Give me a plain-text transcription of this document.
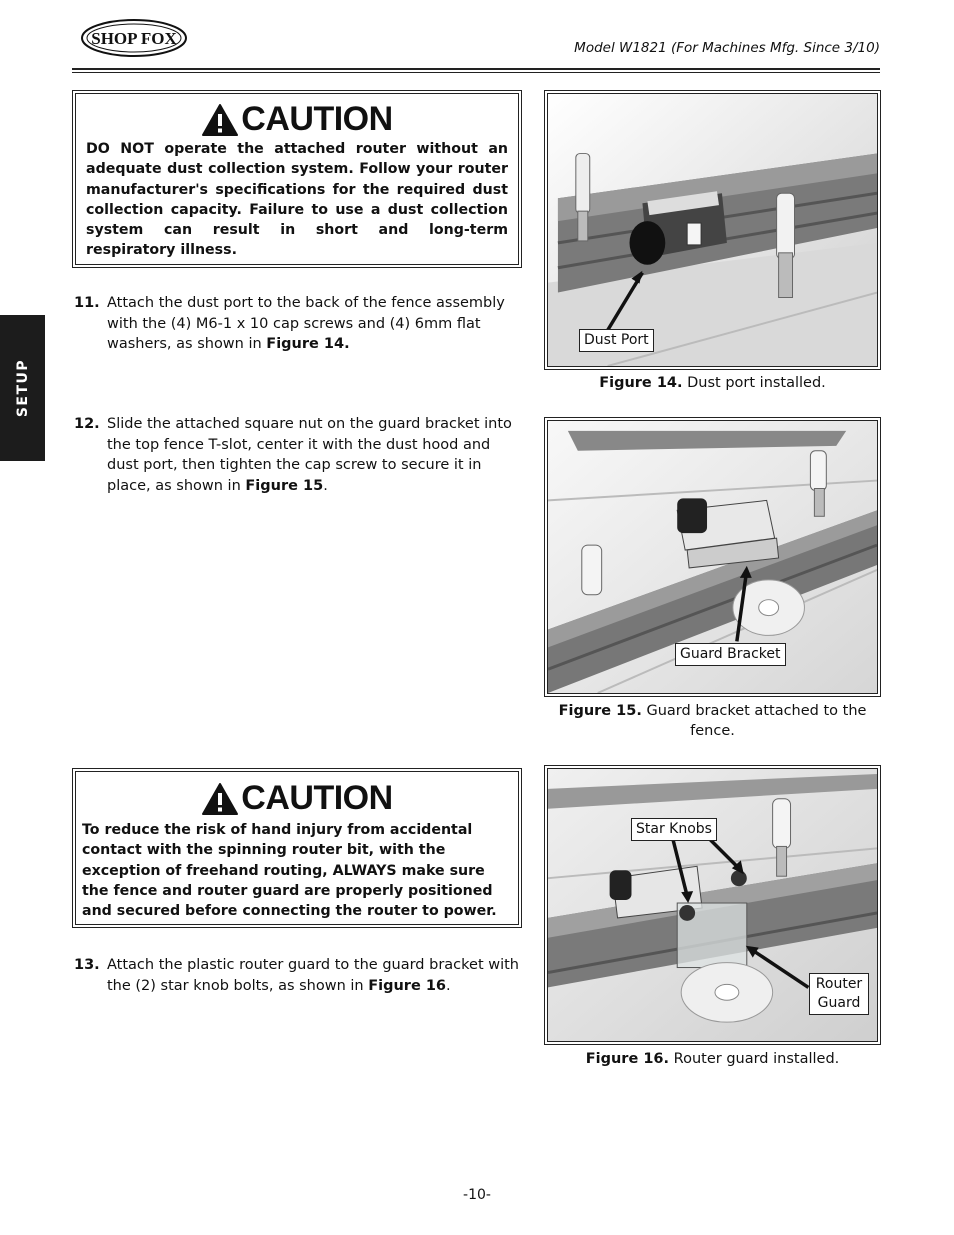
SHOP FOX	Model W1821 (For Machines Mfg. Since 3/10)
SETUP
CAUTION
DO NOT operate the attached router without an adequate dust collection system. Follow your router manufacturer's specifications for the required dust collection capacity. Failure to use a dust collection system can result in short and long-term respiratory illness.
11. Attach the dust port to the back of the fence assembly with the (4) M6-1 x 10 cap screws and (4) 6mm flat washers, as shown in Figure 14.
12. Slide the attached square nut on the guard bracket into the top fence T-slot, center it with the dust hood and dust port, then tighten the cap screw to secure it in place, as shown in Figure 15.
CAUTION
To reduce the risk of hand injury from accidental contact with the spinning router bit, with the exception of freehand routing, ALWAYS make sure the fence and router guard are properly positioned and secured before connecting the router to power.
13. Attach the plastic router guard to the guard bracket with the (2) star knob bolts, as shown in Figure 16.
Dust Port
Figure 14. Dust port installed.
Guard Bracket
Figure 15. Guard bracket attached to the fence.
Star Knobs
Router Guard
Figure 16. Router guard installed.
-10-
